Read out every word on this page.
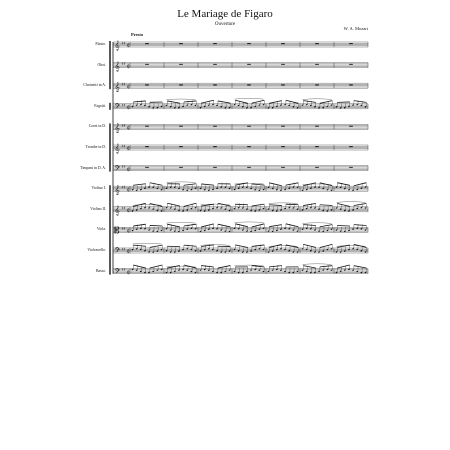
Le Mariage de Figaro
Ouverture
W. A. Mozart
Presto
Flauto.
Oboi.
Clarinetti in A.
Fagotti.
Corni in D.
Trombe in D.
Timpani in D. A.
Violino I.
Violino II.
Viola.
Violoncello.
Basso.
𝄞 ♯♯ ¢
𝄞 ♯♯ ¢
𝄞 ♯♯ ¢
𝄢 ♯♯ ¢
𝄞 ♯♯ ¢
𝄞 ♯♯ ¢
𝄢 ♯♯ ¢
𝄞 ♯♯ ¢
𝄞 ♯♯ ¢
𝄡 ♯♯ ¢
𝄢 ♯♯ ¢
𝄢 ♯♯ ¢
